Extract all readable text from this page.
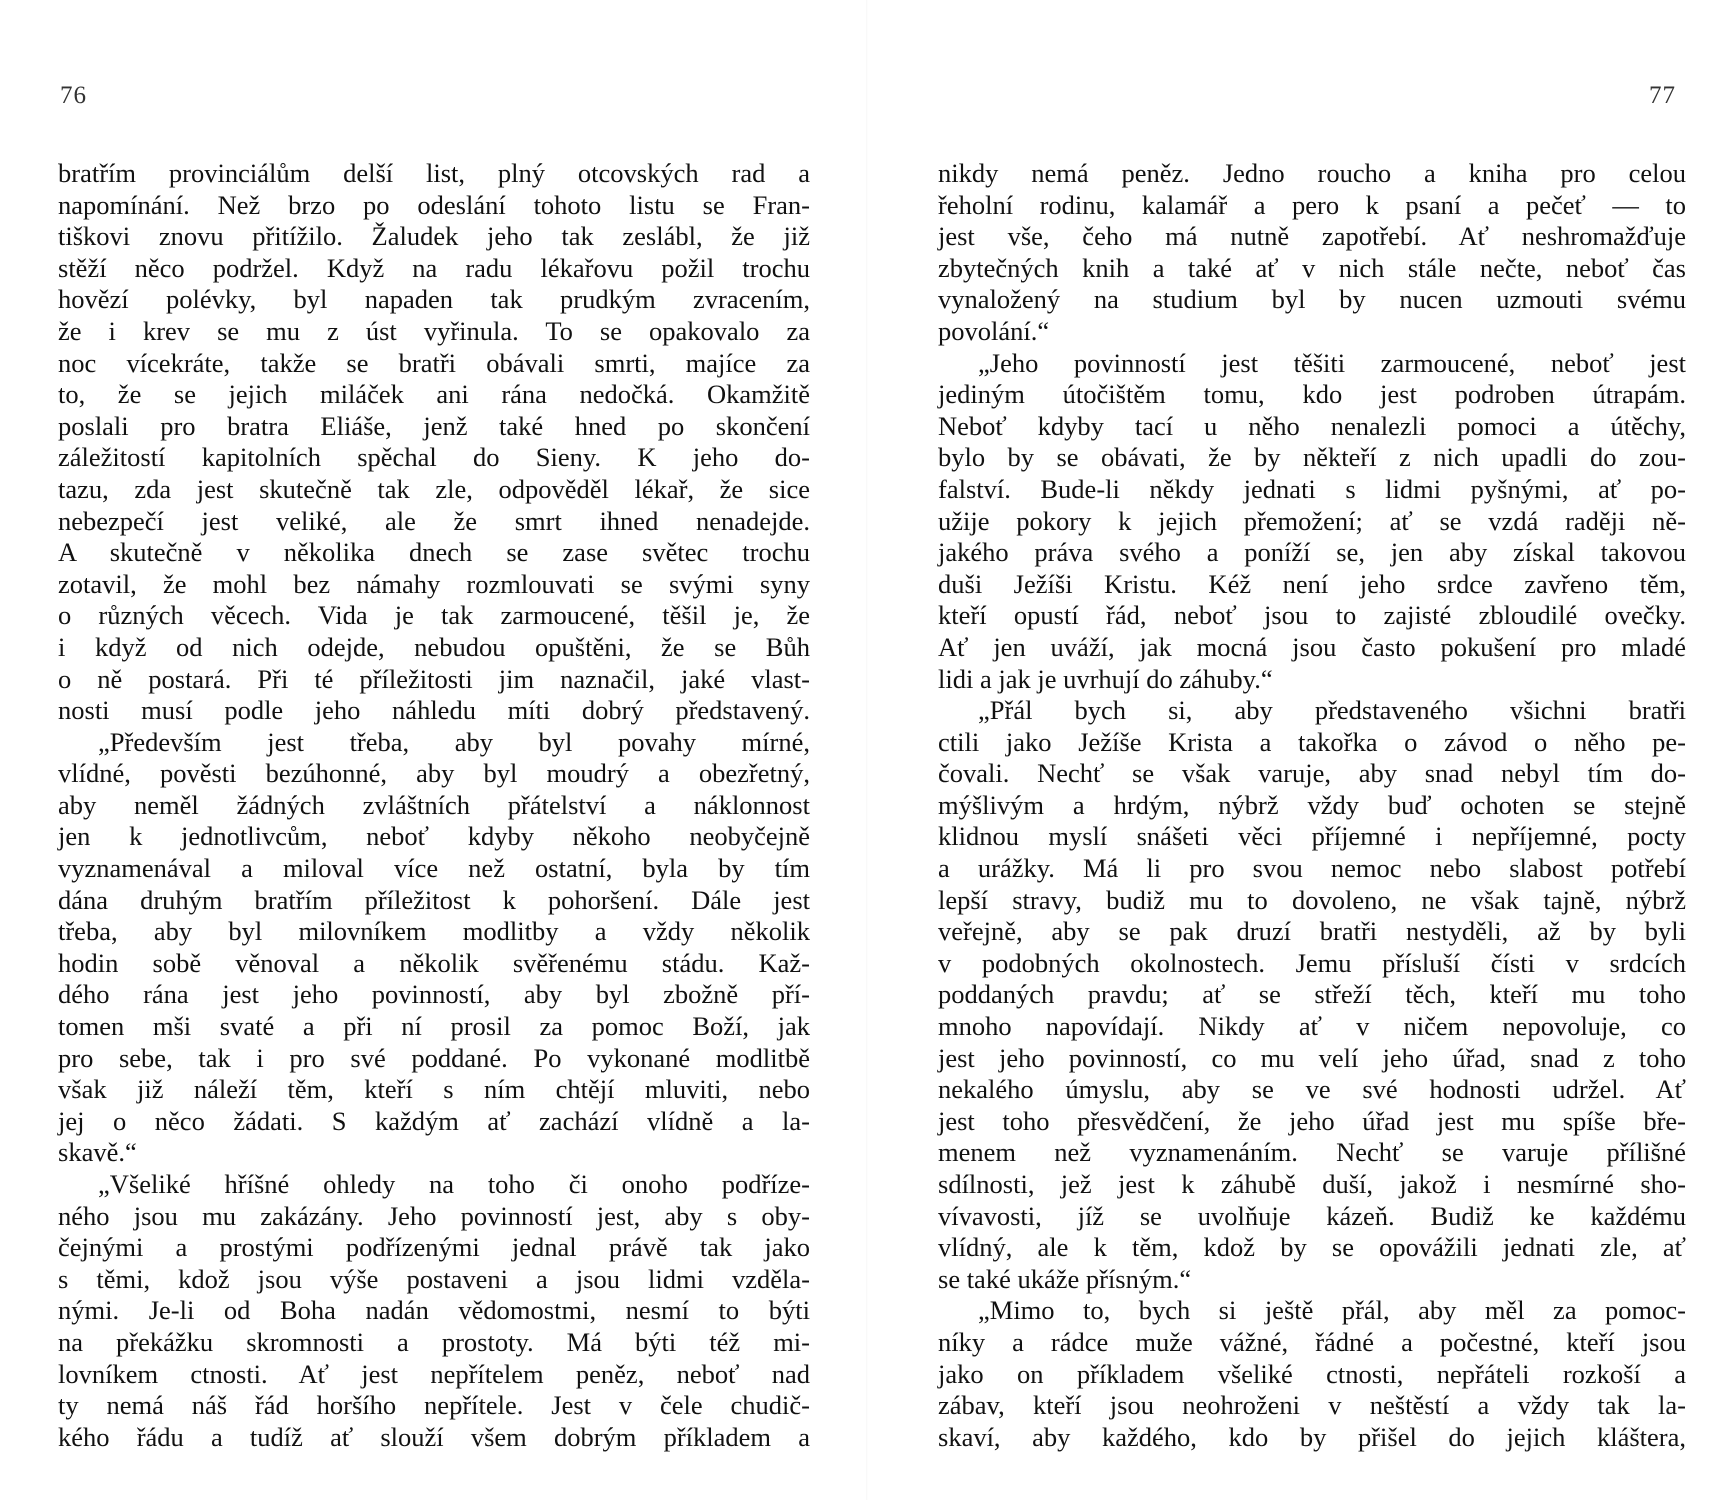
76
bratřím provinciálům delší list, plný otcovských rad a
napomínání. Než brzo po odeslání tohoto listu se Fran-
tiškovi znovu přitížilo. Žaludek jeho tak zeslábl, že již
stěží něco podržel. Když na radu lékařovu požil trochu
hovězí polévky, byl napaden tak prudkým zvracením,
že i krev se mu z úst vyřinula. To se opakovalo za
noc vícekráte, takže se bratři obávali smrti, majíce za
to, že se jejich miláček ani rána nedočká. Okamžitě
poslali pro bratra Eliáše, jenž také hned po skončení
záležitostí kapitolních spěchal do Sieny. K jeho do-
tazu, zda jest skutečně tak zle, odpověděl lékař, že sice
nebezpečí jest veliké, ale že smrt ihned nenadejde.
A skutečně v několika dnech se zase světec trochu
zotavil, že mohl bez námahy rozmlouvati se svými syny
o různých věcech. Vida je tak zarmoucené, těšil je, že
i když od nich odejde, nebudou opuštěni, že se Bůh
o ně postará. Při té příležitosti jim naznačil, jaké vlast-
nosti musí podle jeho náhledu míti dobrý představený.
„Především jest třeba, aby byl povahy mírné,
vlídné, pověsti bezúhonné, aby byl moudrý a obezřetný,
aby neměl žádných zvláštních přátelství a náklonnost
jen k jednotlivcům, neboť kdyby někoho neobyčejně
vyznamenával a miloval více než ostatní, byla by tím
dána druhým bratřím příležitost k pohoršení. Dále jest
třeba, aby byl milovníkem modlitby a vždy několik
hodin sobě věnoval a několik svěřenému stádu. Kaž-
dého rána jest jeho povinností, aby byl zbožně pří-
tomen mši svaté a při ní prosil za pomoc Boží, jak
pro sebe, tak i pro své poddané. Po vykonané modlitbě
však již náleží těm, kteří s ním chtějí mluviti, nebo
jej o něco žádati. S každým ať zachází vlídně a la-
skavě.“
„Všeliké hříšné ohledy na toho či onoho podříze-
ného jsou mu zakázány. Jeho povinností jest, aby s oby-
čejnými a prostými podřízenými jednal právě tak jako
s těmi, kdož jsou výše postaveni a jsou lidmi vzděla-
nými. Je-li od Boha nadán vědomostmi, nesmí to býti
na překážku skromnosti a prostoty. Má býti též mi-
lovníkem ctnosti. Ať jest nepřítelem peněz, neboť nad
ty nemá náš řád horšího nepřítele. Jest v čele chudič-
kého řádu a tudíž ať slouží všem dobrým příkladem a
77
nikdy nemá peněz. Jedno roucho a kniha pro celou
řeholní rodinu, kalamář a pero k psaní a pečeť — to
jest vše, čeho má nutně zapotřebí. Ať neshromažďuje
zbytečných knih a také ať v nich stále nečte, neboť čas
vynaložený na studium byl by nucen uzmouti svému
povolání.“
„Jeho povinností jest těšiti zarmoucené, neboť jest
jediným útočištěm tomu, kdo jest podroben útrapám.
Neboť kdyby tací u něho nenalezli pomoci a útěchy,
bylo by se obávati, že by někteří z nich upadli do zou-
falství. Bude-li někdy jednati s lidmi pyšnými, ať po-
užije pokory k jejich přemožení; ať se vzdá raději ně-
jakého práva svého a poníží se, jen aby získal takovou
duši Ježíši Kristu. Kéž není jeho srdce zavřeno těm,
kteří opustí řád, neboť jsou to zajisté zbloudilé ovečky.
Ať jen uváží, jak mocná jsou často pokušení pro mladé
lidi a jak je uvrhují do záhuby.“
„Přál bych si, aby představeného všichni bratři
ctili jako Ježíše Krista a takořka o závod o něho pe-
čovali. Nechť se však varuje, aby snad nebyl tím do-
mýšlivým a hrdým, nýbrž vždy buď ochoten se stejně
klidnou myslí snášeti věci příjemné i nepříjemné, pocty
a urážky. Má li pro svou nemoc nebo slabost potřebí
lepší stravy, budiž mu to dovoleno, ne však tajně, nýbrž
veřejně, aby se pak druzí bratři nestyděli, až by byli
v podobných okolnostech. Jemu přísluší čísti v srdcích
poddaných pravdu; ať se střeží těch, kteří mu toho
mnoho napovídají. Nikdy ať v ničem nepovoluje, co
jest jeho povinností, co mu velí jeho úřad, snad z toho
nekalého úmyslu, aby se ve své hodnosti udržel. Ať
jest toho přesvědčení, že jeho úřad jest mu spíše bře-
menem než vyznamenáním. Nechť se varuje přílišné
sdílnosti, jež jest k záhubě duší, jakož i nesmírné sho-
vívavosti, jíž se uvolňuje kázeň. Budiž ke každému
vlídný, ale k těm, kdož by se opovážili jednati zle, ať
se také ukáže přísným.“
„Mimo to, bych si ještě přál, aby měl za pomoc-
níky a rádce muže vážné, řádné a počestné, kteří jsou
jako on příkladem všeliké ctnosti, nepřáteli rozkoší a
zábav, kteří jsou neohroženi v neštěstí a vždy tak la-
skaví, aby každého, kdo by přišel do jejich kláštera,
